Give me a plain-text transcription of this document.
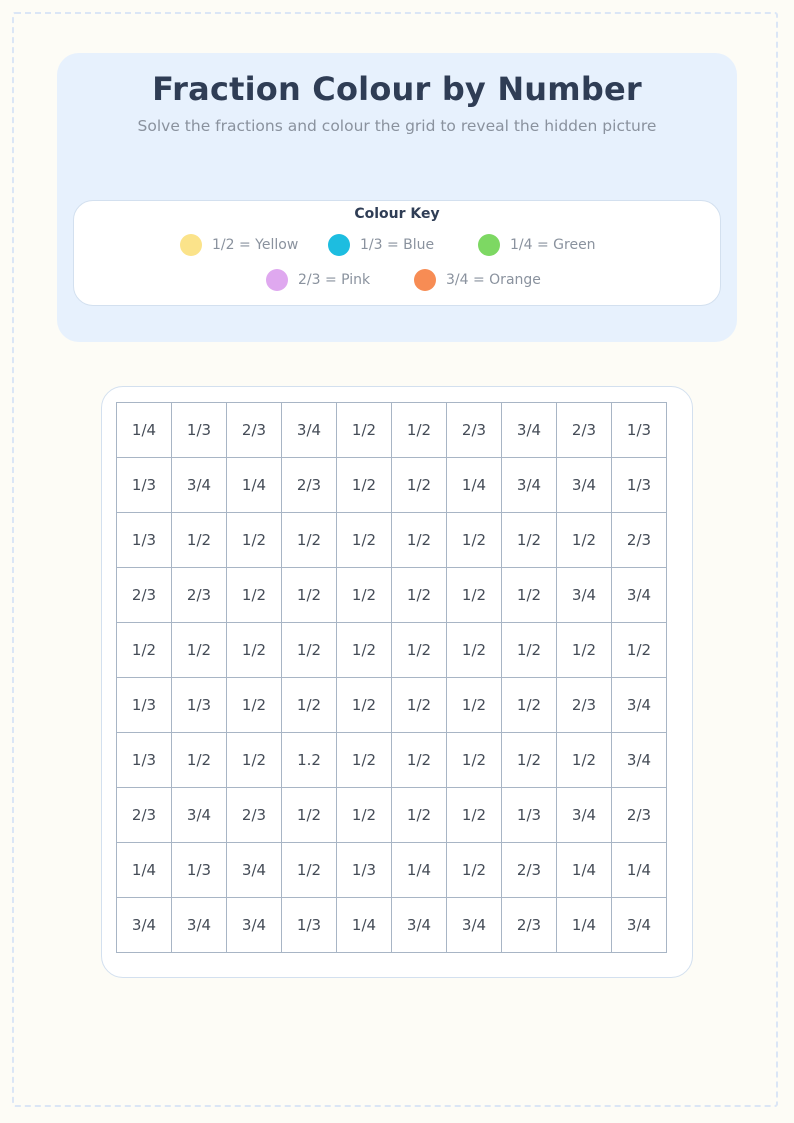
Fraction Colour by Number
Solve the fractions and colour the grid to reveal the hidden picture
Colour Key
1/2 = Yellow	1/3 = Blue	1/4 = Green
2/3 = Pink	3/4 = Orange
1/4	1/3	2/3	3/4	1/2	1/2	2/3	3/4	2/3	1/3
1/3	3/4	1/4	2/3	1/2	1/2	1/4	3/4	3/4	1/3
1/3	1/2	1/2	1/2	1/2	1/2	1/2	1/2	1/2	2/3
2/3	2/3	1/2	1/2	1/2	1/2	1/2	1/2	3/4	3/4
1/2	1/2	1/2	1/2	1/2	1/2	1/2	1/2	1/2	1/2
1/3	1/3	1/2	1/2	1/2	1/2	1/2	1/2	2/3	3/4
1/3	1/2	1/2	1.2	1/2	1/2	1/2	1/2	1/2	3/4
2/3	3/4	2/3	1/2	1/2	1/2	1/2	1/3	3/4	2/3
1/4	1/3	3/4	1/2	1/3	1/4	1/2	2/3	1/4	1/4
3/4	3/4	3/4	1/3	1/4	3/4	3/4	2/3	1/4	3/4
